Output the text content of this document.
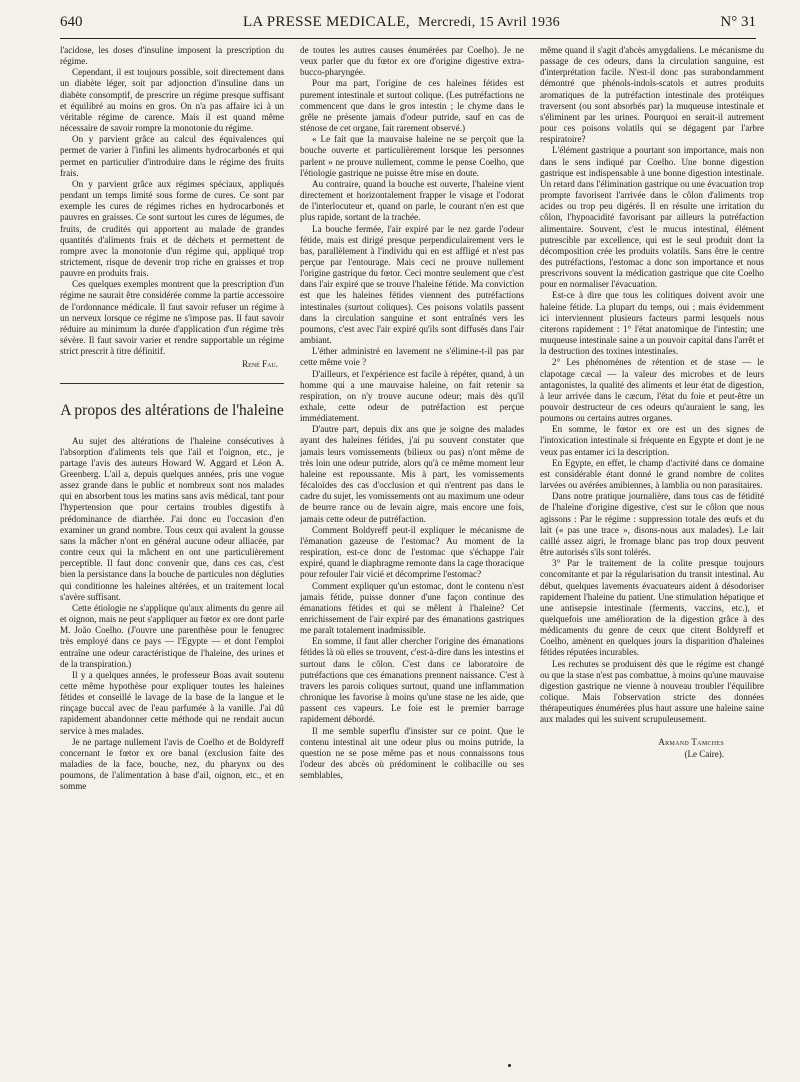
640	LA PRESSE MEDICALE, Mercredi, 15 Avril 1936	N° 31

l'acidose, les doses d'insuline imposent la prescription du régime.

Cependant, il est toujours possible, soit directement dans un diabète léger, soit par adjonction d'insuline dans un diabète consomptif, de prescrire un régime presque suffisant et équilibré au moins en gros. On n'a pas affaire ici à un véritable régime de carence. Mais il est quand même nécessaire de savoir rompre la monotonie du régime.

On y parvient grâce au calcul des équivalences qui permet de varier à l'infini les aliments hydrocarbonés et qui permet en particulier d'introduire dans le régime des fruits frais.

On y parvient grâce aux régimes spéciaux, appliqués pendant un temps limité sous forme de cures. Ce sont par exemple les cures de régimes riches en hydrocarbonés et pauvres en graisses. Ce sont surtout les cures de légumes, de fruits, de crudités qui apportent au malade de grandes quantités d'aliments frais et de déchets et permettent de rompre avec la monotonie d'un régime qui, appliqué trop strictement, risque de devenir trop riche en graisses et trop pauvre en produits frais.

Ces quelques exemples montrent que la prescription d'un régime ne saurait être considérée comme la partie accessoire de l'ordonnance médicale. Il faut savoir refuser un régime à un nerveux lorsque ce régime ne s'impose pas. Il faut savoir réduire au minimum la durée d'application d'un régime très sévère. Il faut savoir varier et rendre supportable un régime strict prescrit à titre définitif.

René Fau.
A propos des altérations de l'haleine

Au sujet des altérations de l'haleine consécutives à l'absorption d'aliments tels que l'ail et l'oignon, etc., je partage l'avis des auteurs Howard W. Aggard et Léon A. Greenberg. L'ail a, depuis quelques années, pris une vogue assez grande dans le public et nombreux sont nos malades qui en absorbent tous les matins sans avis médical, tant pour l'hypertension que pour certains troubles digestifs à prédominance de diarrhée. J'ai donc eu l'occasion d'en examiner un grand nombre. Tous ceux qui avalent la gousse sans la mâcher n'ont en général aucune odeur alliacée, par contre ceux qui la mâchent en ont une particulièrement perceptible. Il faut donc convenir que, dans ces cas, c'est bien la persistance dans la bouche de particules non dégluties qui conditionne les haleines altérées, et un traitement local s'avère suffisant.

Cette étiologie ne s'applique qu'aux aliments du genre ail et oignon, mais ne peut s'appliquer au fœtor ex ore dont parle M. João Coelho. (J'ouvre une parenthèse pour le fenugrec très employé dans ce pays — l'Egypte — et dont l'emploi entraîne une odeur caractéristique de l'haleine, des urines et de la transpiration.)

Il y a quelques années, le professeur Boas avait soutenu cette même hypothèse pour expliquer toutes les haleines fétides et conseillé le lavage de la base de la langue et le rinçage buccal avec de l'eau parfumée à la vanille. J'ai dû rapidement abandonner cette méthode qui ne rendait aucun service à mes malades.

Je ne partage nullement l'avis de Coelho et de Boldyreff concernant le fœtor ex ore banal (exclusion faite des maladies de la face, bouche, nez, du pharynx ou des poumons, de l'alimentation à base d'ail, oignon, etc., et en somme

de toutes les autres causes énumérées par Coelho). Je ne veux parler que du fœtor ex ore d'origine digestive extra-bucco-pharyngée.

Pour ma part, l'origine de ces haleines fétides est purement intestinale et surtout colique. (Les putréfactions ne commencent que dans le gros intestin ; le chyme dans le grêle ne présente jamais d'odeur putride, sauf en cas de sténose de cet organe, fait rarement observé.)

« Le fait que la mauvaise haleine ne se perçoit que la bouche ouverte et particulièrement lorsque les personnes parlent » ne prouve nullement, comme le pense Coelho, que l'étiologie gastrique ne puisse être mise en doute.

Au contraire, quand la bouche est ouverte, l'haleine vient directement et horizontalement frapper le visage et l'odorat de l'interlocuteur et, quand on parle, le courant n'en est que plus rapide, sortant de la trachée.

La bouche fermée, l'air expiré par le nez garde l'odeur fétide, mais est dirigé presque perpendiculairement vers le bas, parallèlement à l'individu qui en est affligé et n'est pas perçue par l'entourage. Mais ceci ne prouve nullement l'origine gastrique du fœtor. Ceci montre seulement que c'est dans l'air expiré que se trouve l'haleine fétide. Ma conviction est que les haleines fétides viennent des putréfactions intestinales (surtout coliques). Ces poisons volatils passent dans la circulation sanguine et sont entraînés vers les poumons, c'est avec l'air expiré qu'ils sont diffusés dans l'air ambiant.

L'éther administré en lavement ne s'élimine-t-il pas par cette même voie ?

D'ailleurs, et l'expérience est facile à répéter, quand, à un homme qui a une mauvaise haleine, on fait retenir sa respiration, on n'y trouve aucune odeur; mais dès qu'il exhale, cette odeur de putréfaction est perçue immédiatement.

D'autre part, depuis dix ans que je soigne des malades ayant des haleines fétides, j'ai pu souvent constater que jamais leurs vomissements (bilieux ou pas) n'ont même de très loin une odeur putride, alors qu'à ce même moment leur haleine est repoussante. Mis à part, les vomissements fécaloïdes des cas d'occlusion et qui n'entrent pas dans le cadre du sujet, les vomissements ont au maximum une odeur de beurre rance ou de levain aigre, mais encore une fois, jamais cette odeur de putréfaction.

Comment Boldyreff peut-il expliquer le mécanisme de l'émanation gazeuse de l'estomac? Au moment de la respiration, est-ce donc de l'estomac que s'échappe l'air expiré, quand le diaphragme remonte dans la cage thoracique pour refouler l'air vicié et décomprime l'estomac?

Comment expliquer qu'un estomac, dont le contenu n'est jamais fétide, puisse donner d'une façon continue des émanations fétides et qui se mêlent à l'haleine? Cet enrichissement de l'air expiré par des émanations gastriques me paraît totalement inadmissible.

En somme, il faut aller chercher l'origine des émanations fétides là où elles se trouvent, c'est-à-dire dans les intestins et surtout dans le côlon. C'est dans ce laboratoire de putréfactions que ces émanations prennent naissance. C'est à travers les parois coliques surtout, quand une inflammation chronique les favorise à moins qu'une stase ne les aide, que passent ces vapeurs. Le foie est le premier barrage rapidement débordé.

Il me semble superflu d'insister sur ce point. Que le contenu intestinal ait une odeur plus ou moins putride, la question ne se pose même pas et nous connaissons tous l'odeur des abcès où prédominent le colibacille ou ses semblables,

même quand il s'agit d'abcès amygdaliens. Le mécanisme du passage de ces odeurs, dans la circulation sanguine, est d'interprétation facile. N'est-il donc pas surabondamment démontré que phénols-indols-scatols et autres produits aromatiques de la putréfaction intestinale des protéiques traversent (ou sont absorbés par) la muqueuse intestinale et s'éliminent par les urines. Pourquoi en serait-il autrement pour ces poisons volatils qui se dégagent par l'arbre respiratoire?

L'élément gastrique a pourtant son importance, mais non dans le sens indiqué par Coelho. Une bonne digestion gastrique est indispensable à une bonne digestion intestinale. Un retard dans l'élimination gastrique ou une évacuation trop prompte favorisent l'arrivée dans le côlon d'aliments trop acides ou trop peu digérés. Il en résulte une irritation du côlon, l'hypoacidité favorisant par ailleurs la putréfaction alimentaire. Souvent, c'est le mucus intestinal, élément putrescible par excellence, qui est le seul produit dont la décomposition crée les produits volatils. Sans être le centre des putréfactions, l'estomac a donc son importance et nous prescrivons souvent la médication gastrique que cite Coelho pour en normaliser l'évacuation.

Est-ce à dire que tous les colitiques doivent avoir une haleine fétide. La plupart du temps, oui ; mais évidemment ici interviennent plusieurs facteurs parmi lesquels nous citerons rapidement : 1° l'état anatomique de l'intestin; une muqueuse intestinale saine a un pouvoir capital dans l'arrêt et la destruction des toxines intestinales.

2° Les phénomènes de rétention et de stase — le clapotage cæcal — la valeur des microbes et de leurs antagonistes, la qualité des aliments et leur état de digestion, à leur arrivée dans le cæcum, l'état du foie et peut-être un pouvoir destructeur de ces odeurs qu'auraient le sang, les poumons ou certains autres organes.

En somme, le fœtor ex ore est un des signes de l'intoxication intestinale si fréquente en Egypte et dont je ne veux pas entamer ici la description.

En Egypte, en effet, le champ d'activité dans ce domaine est considérable étant donné le grand nombre de colites larvées ou avérées amibiennes, à lamblia ou non parasitaires.

Dans notre pratique journalière, dans tous cas de fétidité de l'haleine d'origine digestive, c'est sur le côlon que nous agissons : Par le régime : suppression totale des œufs et du lait (« pas une trace », disons-nous aux malades). Le lait caillé assez aigri, le fromage blanc pas trop doux peuvent être autorisés s'ils sont tolérés.

3° Par le traitement de la colite presque toujours concomitante et par la régularisation du transit intestinal. Au début, quelques lavements évacuateurs aident à désodoriser rapidement l'haleine du patient. Une stimulation hépatique et une antisepsie intestinale (ferments, vaccins, etc.), et quelquefois une amélioration de la digestion grâce à des médicaments du genre de ceux que citent Boldyreff et Coelho, amènent en quelques jours la disparition d'haleines fétides réputées incurables.

Les rechutes se produisent dès que le régime est changé ou que la stase n'est pas combattue, à moins qu'une mauvaise digestion gastrique ne vienne à nouveau troubler l'équilibre colique. Mais l'observation stricte des données thérapeutiques énumérées plus haut assure une haleine saine aux malades qui les suivent scrupuleusement.

Armand Tamches
(Le Caire).
